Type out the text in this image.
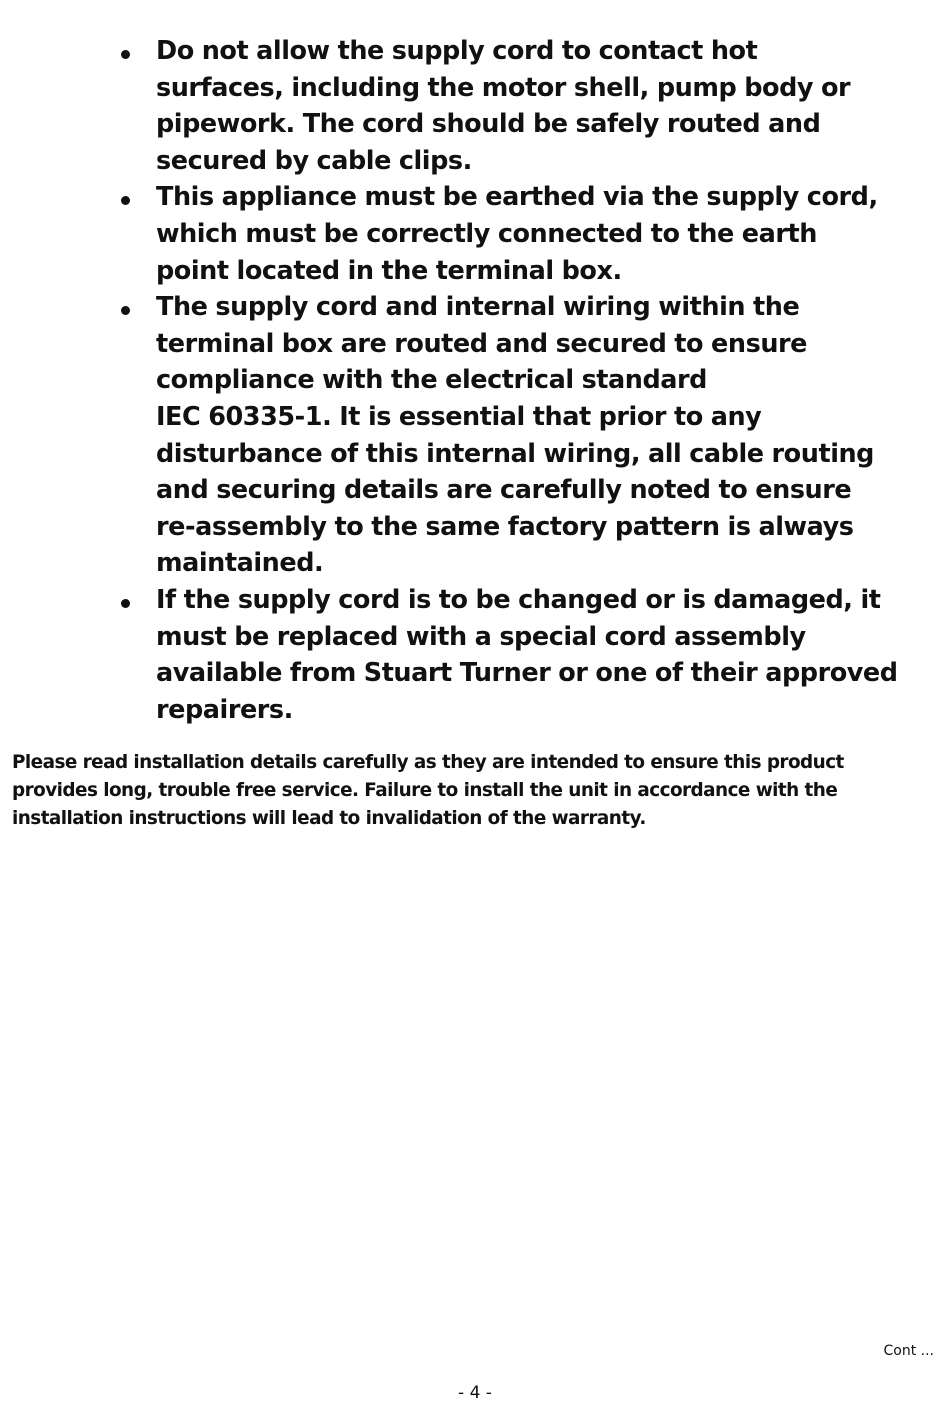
Do not allow the supply cord to contact hot
surfaces, including the motor shell, pump body or
pipework. The cord should be safely routed and
secured by cable clips.
This appliance must be earthed via the supply cord,
which must be correctly connected to the earth
point located in the terminal box.
The supply cord and internal wiring within the
terminal box are routed and secured to ensure
compliance with the electrical standard
IEC 60335-1. It is essential that prior to any
disturbance of this internal wiring, all cable routing
and securing details are carefully noted to ensure
re-assembly to the same factory pattern is always
maintained.
If the supply cord is to be changed or is damaged, it
must be replaced with a special cord assembly
available from Stuart Turner or one of their approved
repairers.

Please read installation details carefully as they are intended to ensure this product
provides long, trouble free service. Failure to install the unit in accordance with the
installation instructions will lead to invalidation of the warranty.

Cont ...
- 4 -
